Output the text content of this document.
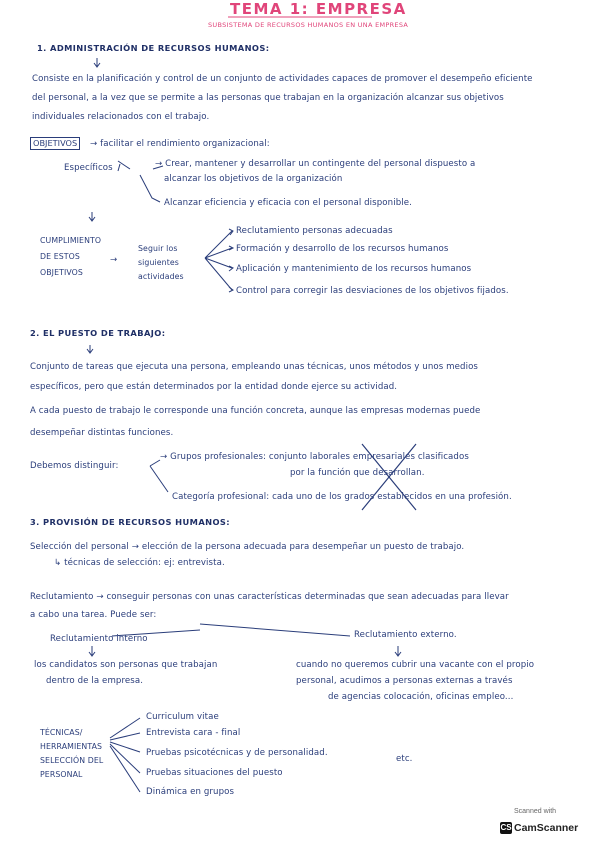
TEMA 1: EMPRESA
SUBSISTEMA DE RECURSOS HUMANOS EN UNA EMPRESA
1. ADMINISTRACIÓN DE RECURSOS HUMANOS:
Consiste en la planificación y control de un conjunto de actividades capaces de promover el desempeño eficiente
del personal, a la vez que se permite a las personas que trabajan en la organización alcanzar sus objetivos
individuales relacionados con el trabajo.
OBJETIVOS	→ facilitar el rendimiento organizacional:
Específicos	→ Crear, mantener y desarrollar un contingente del personal dispuesto a
alcanzar los objetivos de la organización
Alcanzar eficiencia y eficacia con el personal disponible.
CUMPLIMIENTO
DE ESTOS
OBJETIVOS
→
Seguir los
siguientes
actividades
Reclutamiento personas adecuadas
Formación y desarrollo de los recursos humanos
Aplicación y mantenimiento de los recursos humanos
Control para corregir las desviaciones de los objetivos fijados.
2. EL PUESTO DE TRABAJO:
Conjunto de tareas que ejecuta una persona, empleando unas técnicas, unos métodos y unos medios
específicos, pero que están determinados por la entidad donde ejerce su actividad.
A cada puesto de trabajo le corresponde una función concreta, aunque las empresas modernas puede
desempeñar distintas funciones.
Debemos distinguir:
→ Grupos profesionales: conjunto laborales empresariales clasificados
por la función que desarrollan.
Categoría profesional: cada uno de los grados establecidos en una profesión.
3. PROVISIÓN DE RECURSOS HUMANOS:
Selección del personal → elección de la persona adecuada para desempeñar un puesto de trabajo.
↳ técnicas de selección: ej: entrevista.
Reclutamiento → conseguir personas con unas características determinadas que sean adecuadas para llevar
a cabo una tarea. Puede ser:
Reclutamiento interno	Reclutamiento externo.
los candidatos son personas que trabajan
dentro de la empresa.
cuando no queremos cubrir una vacante con el propio
personal, acudimos a personas externas a través
de agencias colocación, oficinas empleo...
TÉCNICAS/
HERRAMIENTAS
SELECCIÓN DEL
PERSONAL
Curriculum vitae
Entrevista cara - final
Pruebas psicotécnicas y de personalidad.
Pruebas situaciones del puesto
Dinámica en grupos
etc.
Scanned with
CS CamScanner
